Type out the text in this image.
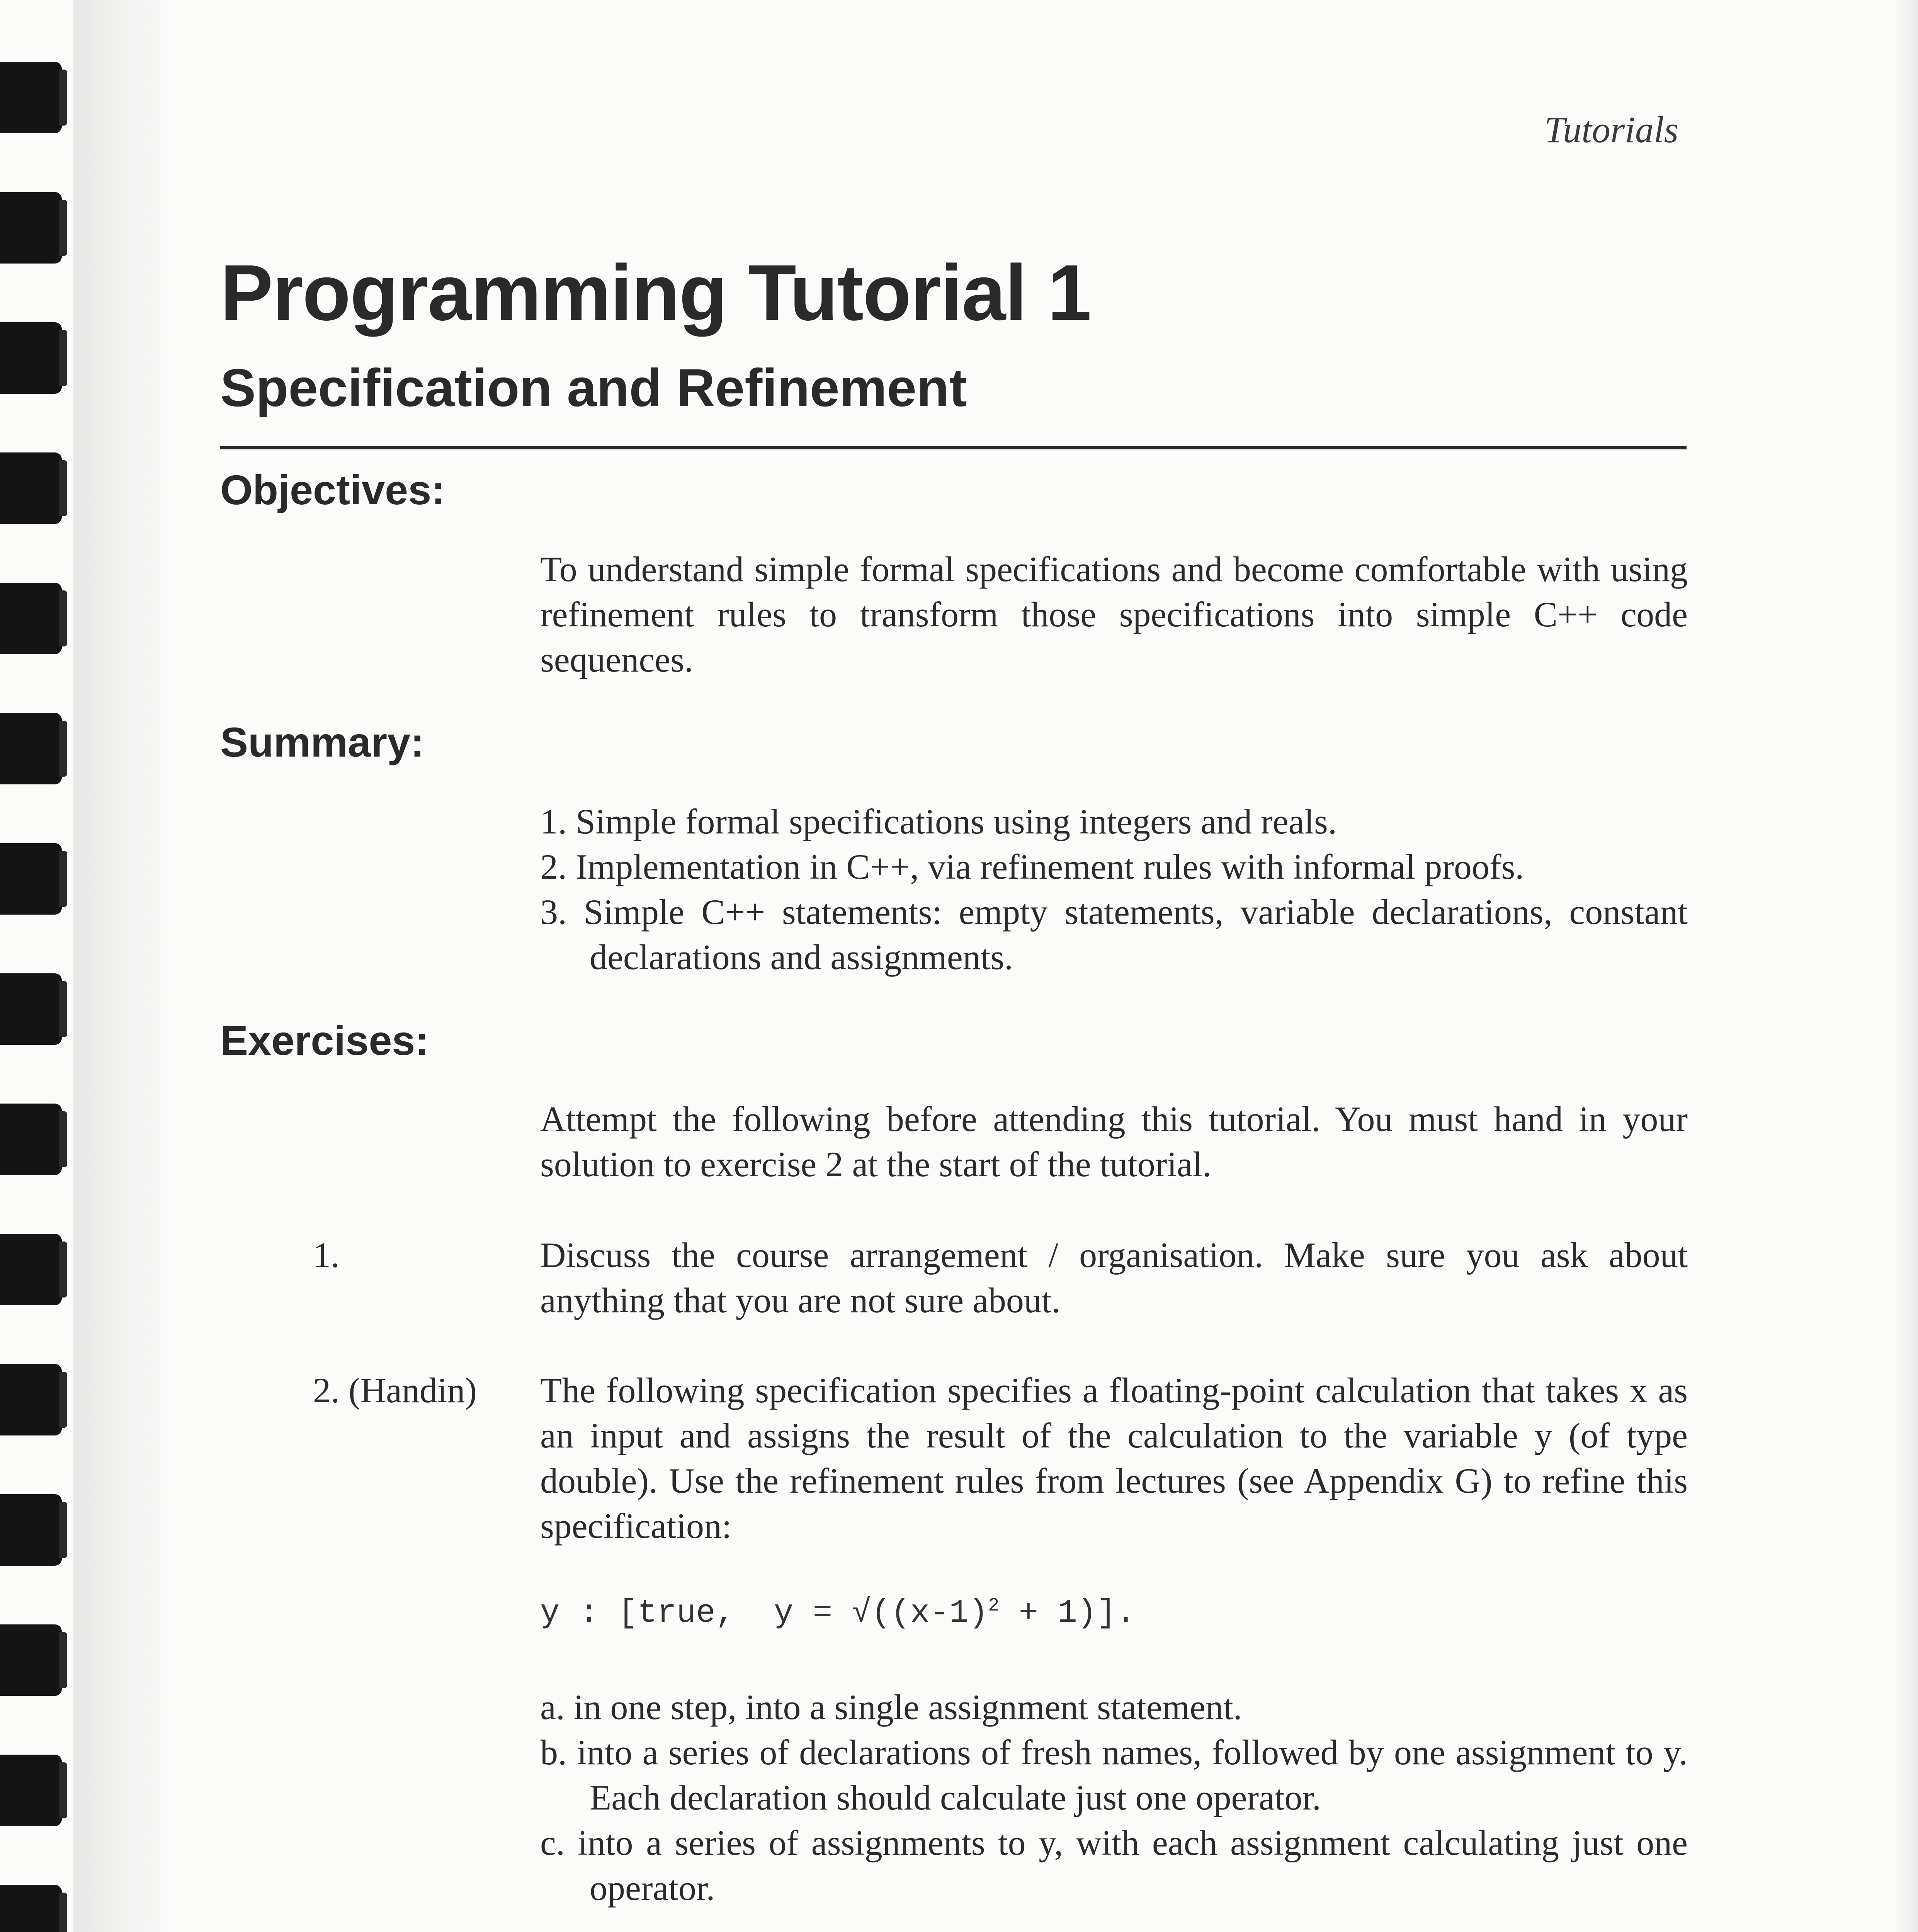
Tutorials
Programming Tutorial 1
Specification and Refinement
Objectives:

To understand simple formal specifications and become comfortable with using refinement rules to transform those specifications into simple C++ code sequences.

Summary:
1. Simple formal specifications using integers and reals.
2. Implementation in C++, via refinement rules with informal proofs.
3. Simple C++ statements: empty statements, variable declarations, constant declarations and assignments.
Exercises:

Attempt the following before attending this tutorial. You must hand in your solution to exercise 2 at the start of the tutorial.

1.	Discuss the course arrangement / organisation. Make sure you ask about anything that you are not sure about.

2. (Handin) The following specification specifies a floating-point calculation that takes x as an input and assigns the result of the calculation to the variable y (of type double). Use the refinement rules from lectures (see Appendix G) to refine this specification:

y : [true,  $y = √((x-1)^2 + 1)$].
a. in one step, into a single assignment statement.
b. into a series of declarations of fresh names, followed by one assignment to y. Each declaration should calculate just one operator.
c. into a series of assignments to y, with each assignment calculating just one operator.
